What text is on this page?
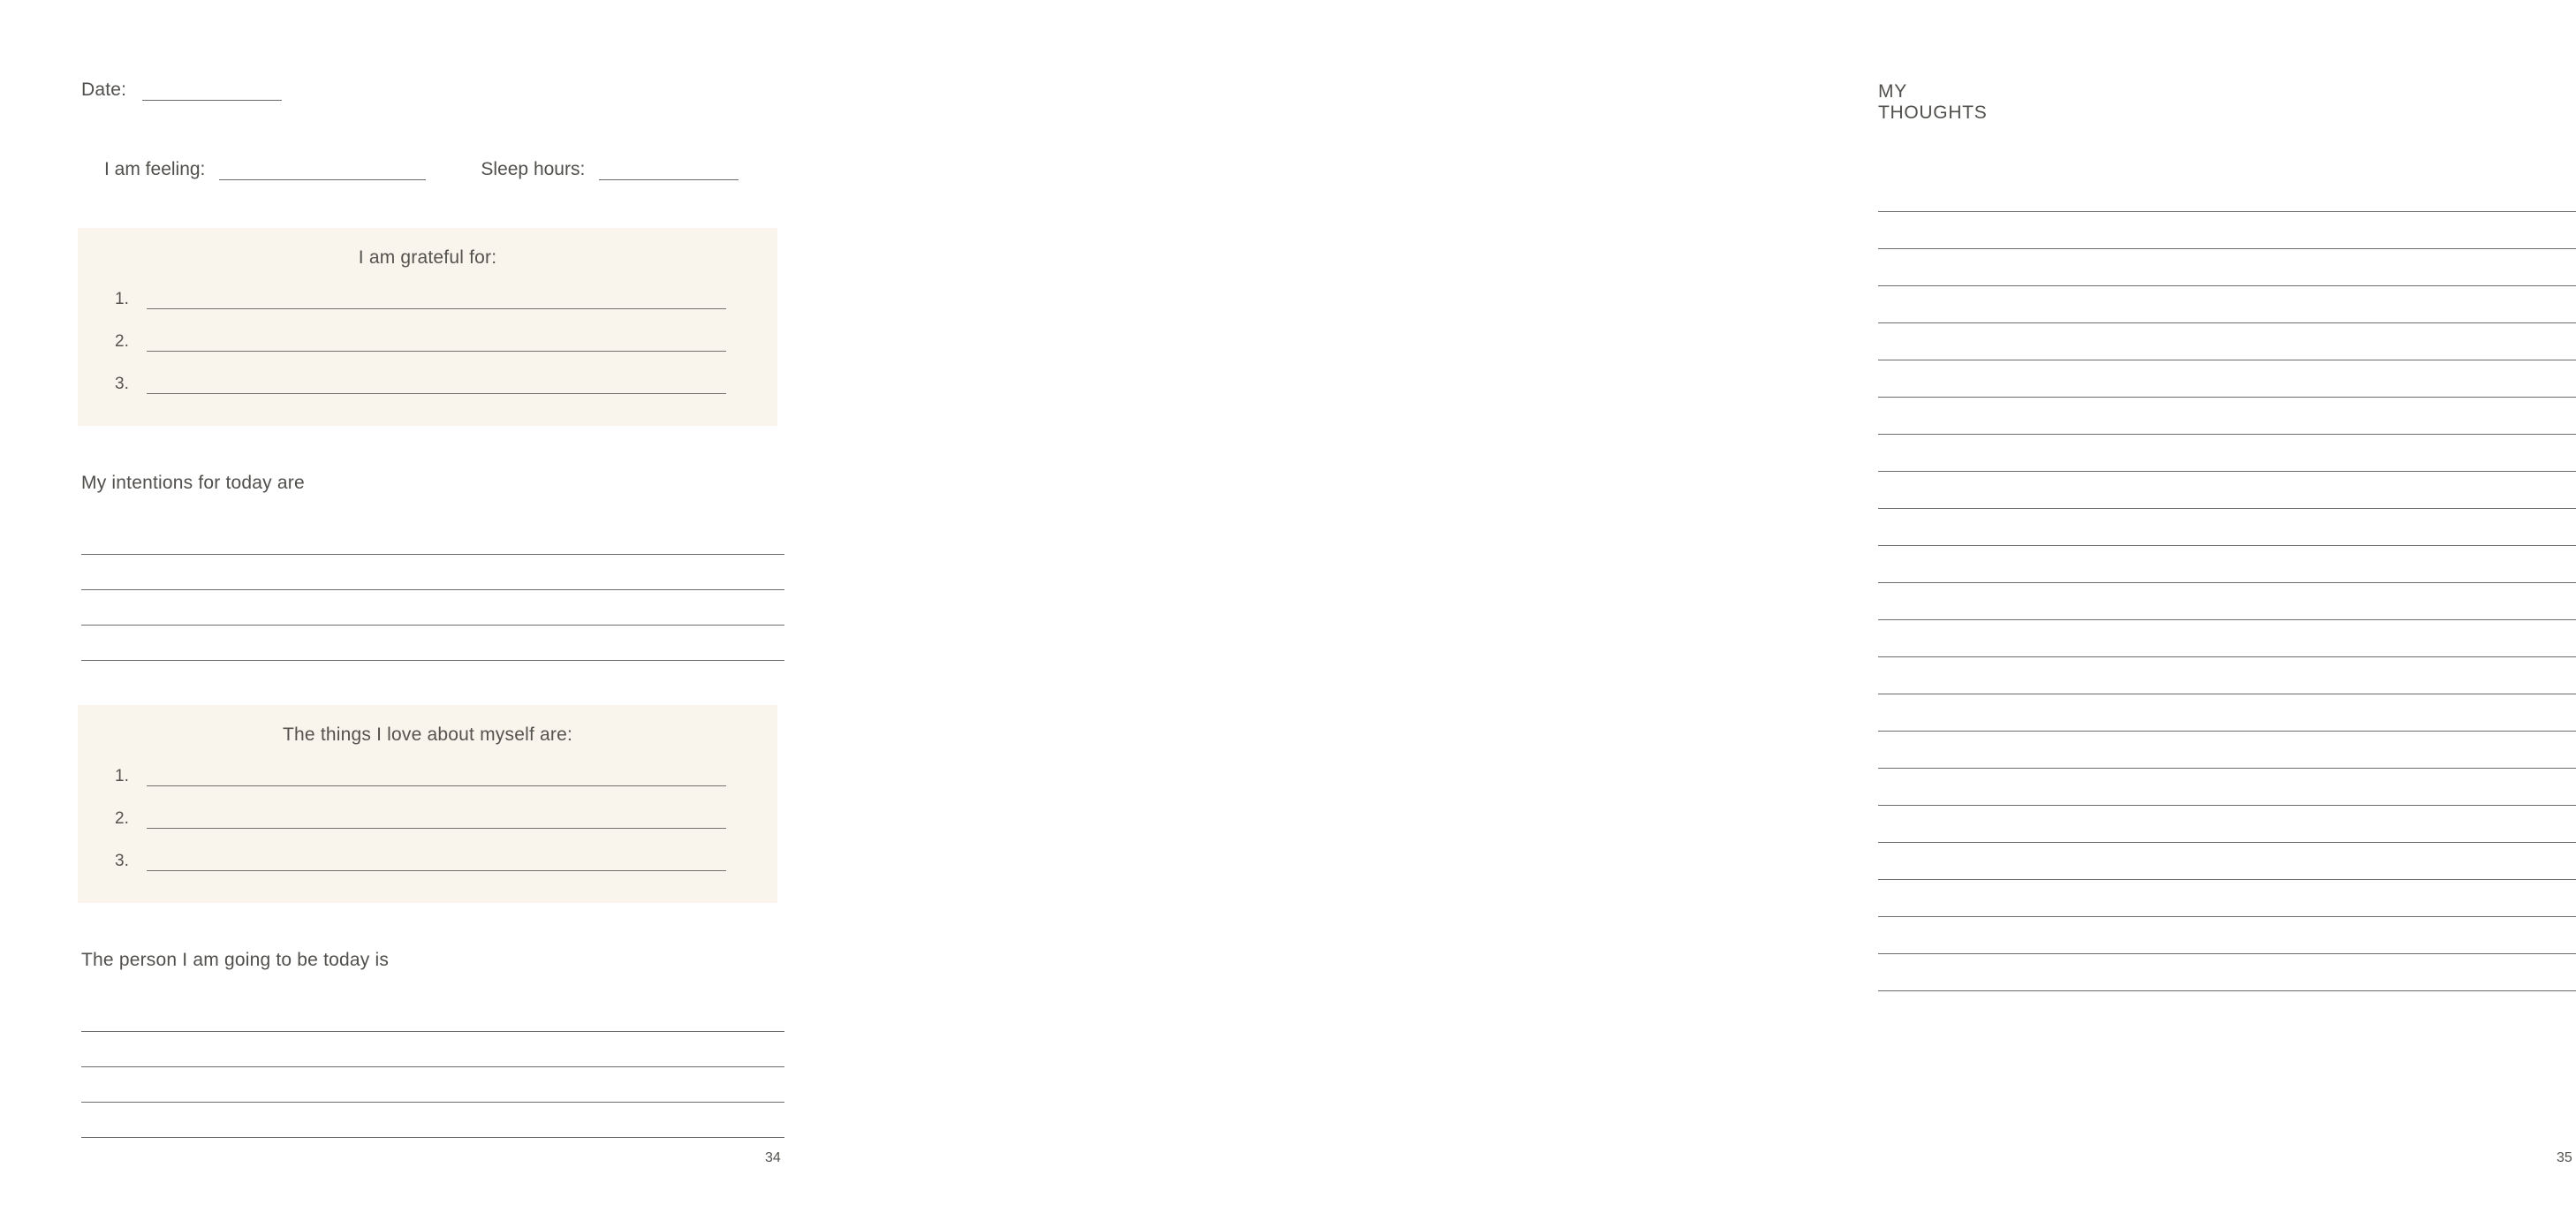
Date:
I am feeling:	Sleep hours:
I am grateful for:
1.
2.
3.
My intentions for today are
The things I love about myself are:
1.
2.
3.
The person I am going to be today is
34
MY THOUGHTS
35
